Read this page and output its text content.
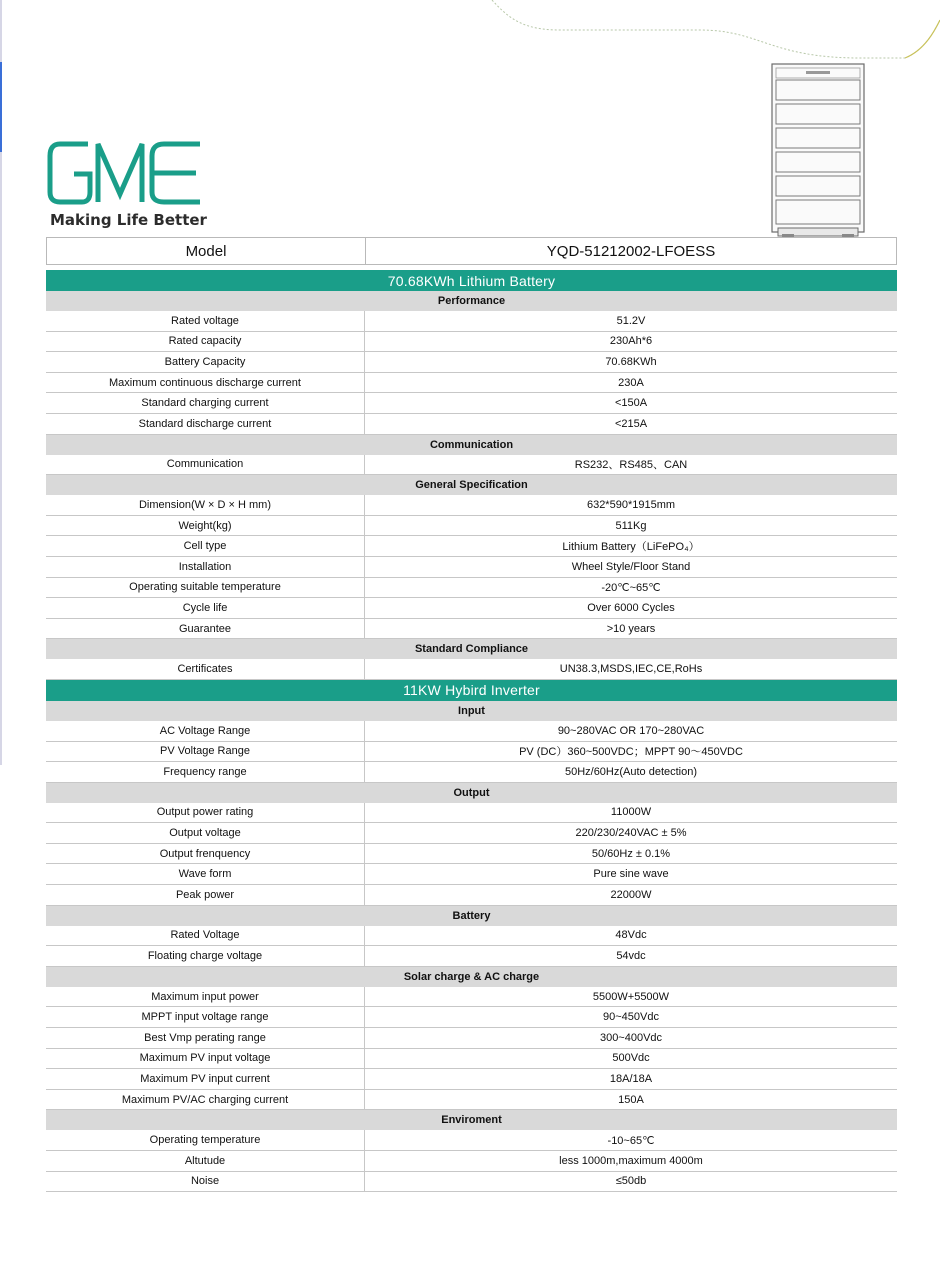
Making Life Better
Model	YQD-51212002-LFOESS
70.68KWh Lithium Battery
Performance
Rated voltage	51.2V
Rated capacity	230Ah*6
Battery Capacity	70.68KWh
Maximum continuous discharge current	230A
Standard charging current	<150A
Standard discharge current	<215A
Communication
Communication	RS232、RS485、CAN
General Specification
Dimension(W × D × H mm)	632*590*1915mm
Weight(kg)	511Kg
Cell type	Lithium Battery（LiFePO₄）
Installation	Wheel Style/Floor Stand
Operating suitable temperature	-20℃~65℃
Cycle life	Over 6000 Cycles
Guarantee	>10 years
Standard Compliance
Certificates	UN38.3,MSDS,IEC,CE,RoHs
11KW Hybird Inverter
Input
AC Voltage Range	90~280VAC OR 170~280VAC
PV Voltage Range	PV (DC）360~500VDC；MPPT 90～450VDC
Frequency range	50Hz/60Hz(Auto detection)
Output
Output power rating	11000W
Output voltage	220/230/240VAC ± 5%
Output frenquency	50/60Hz ± 0.1%
Wave form	Pure sine wave
Peak power	22000W
Battery
Rated Voltage	48Vdc
Floating charge voltage	54vdc
Solar charge & AC charge
Maximum input power	5500W+5500W
MPPT input voltage range	90~450Vdc
Best Vmp perating range	300~400Vdc
Maximum PV input voltage	500Vdc
Maximum PV input current	18A/18A
Maximum PV/AC charging current	150A
Enviroment
Operating temperature	-10~65℃
Altutude	less 1000m,maximum 4000m
Noise	≤50db
